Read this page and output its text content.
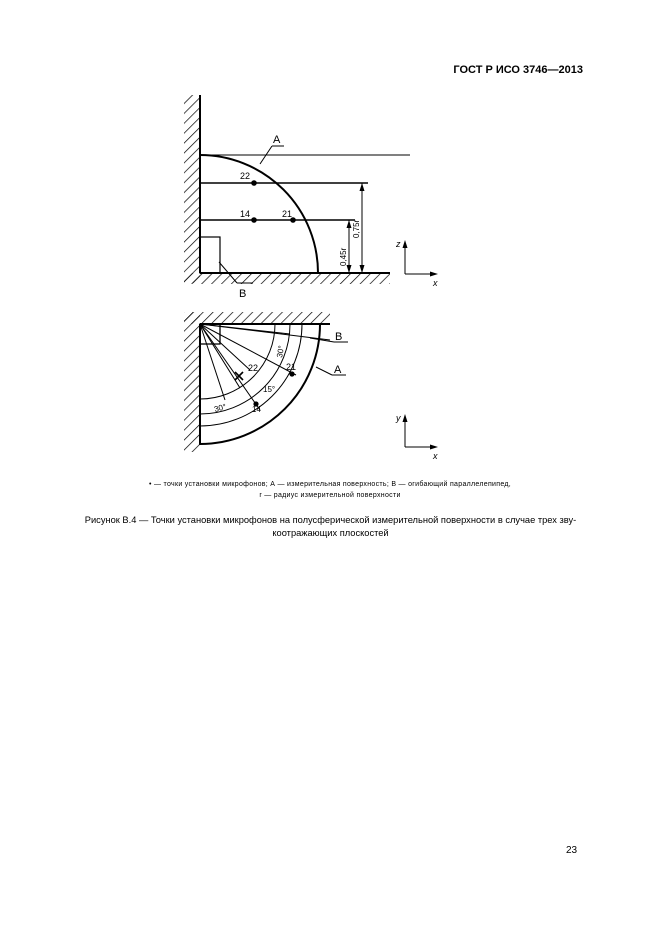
ГОСТ Р ИСО 3746—2013
22
14	21
А
В
0,45r
0,75r
z
x
22	21
14
30°
15°
30°
В
А
y
x
• — точки установки микрофонов; А — измерительная поверхность; В — огибающий параллелепипед,
r — радиус измерительной поверхности
Рисунок В.4 — Точки установки микрофонов на полусферической измерительной поверхности в случае трех зву-
коотражающих плоскостей
23
